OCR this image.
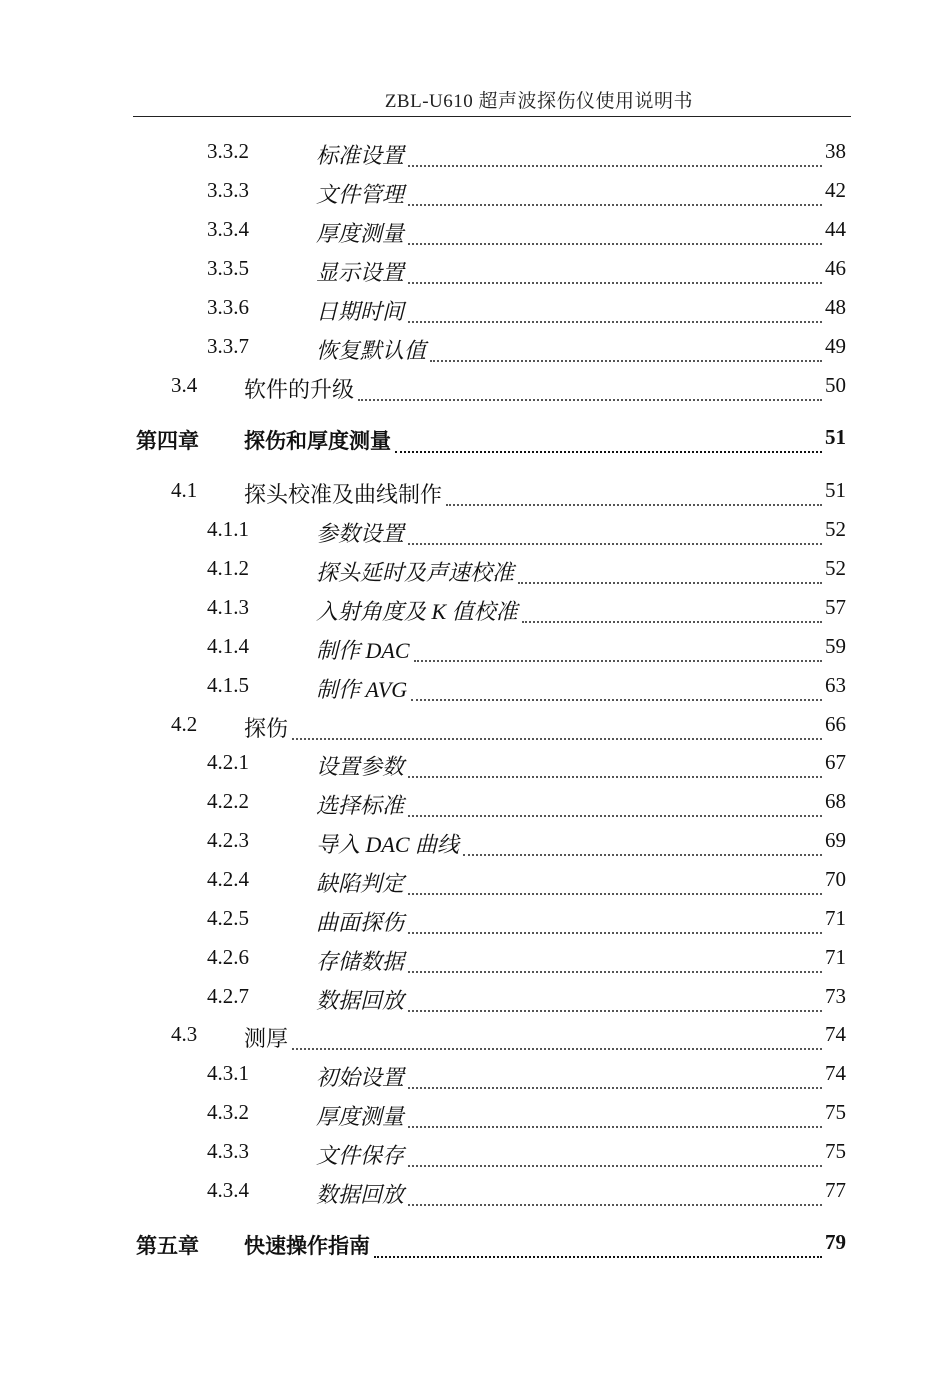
ZBL-U610 超声波探伤仪使用说明书
3.3.2	标准设置	38
3.3.3	文件管理	42
3.3.4	厚度测量	44
3.3.5	显示设置	46
3.3.6	日期时间	48
3.3.7	恢复默认值	49
3.4 软件的升级	50
第四章 探伤和厚度测量	51
4.1 探头校准及曲线制作	51
4.1.1	参数设置	52
4.1.2	探头延时及声速校准	52
4.1.3	入射角度及 K 值校准	57
4.1.4	制作 DAC	59
4.1.5	制作 AVG	63
4.2 探伤	66
4.2.1	设置参数	67
4.2.2	选择标准	68
4.2.3	导入 DAC 曲线	69
4.2.4	缺陷判定	70
4.2.5	曲面探伤	71
4.2.6	存储数据	71
4.2.7	数据回放	73
4.3 测厚	74
4.3.1	初始设置	74
4.3.2	厚度测量	75
4.3.3	文件保存	75
4.3.4	数据回放	77
第五章 快速操作指南	79
